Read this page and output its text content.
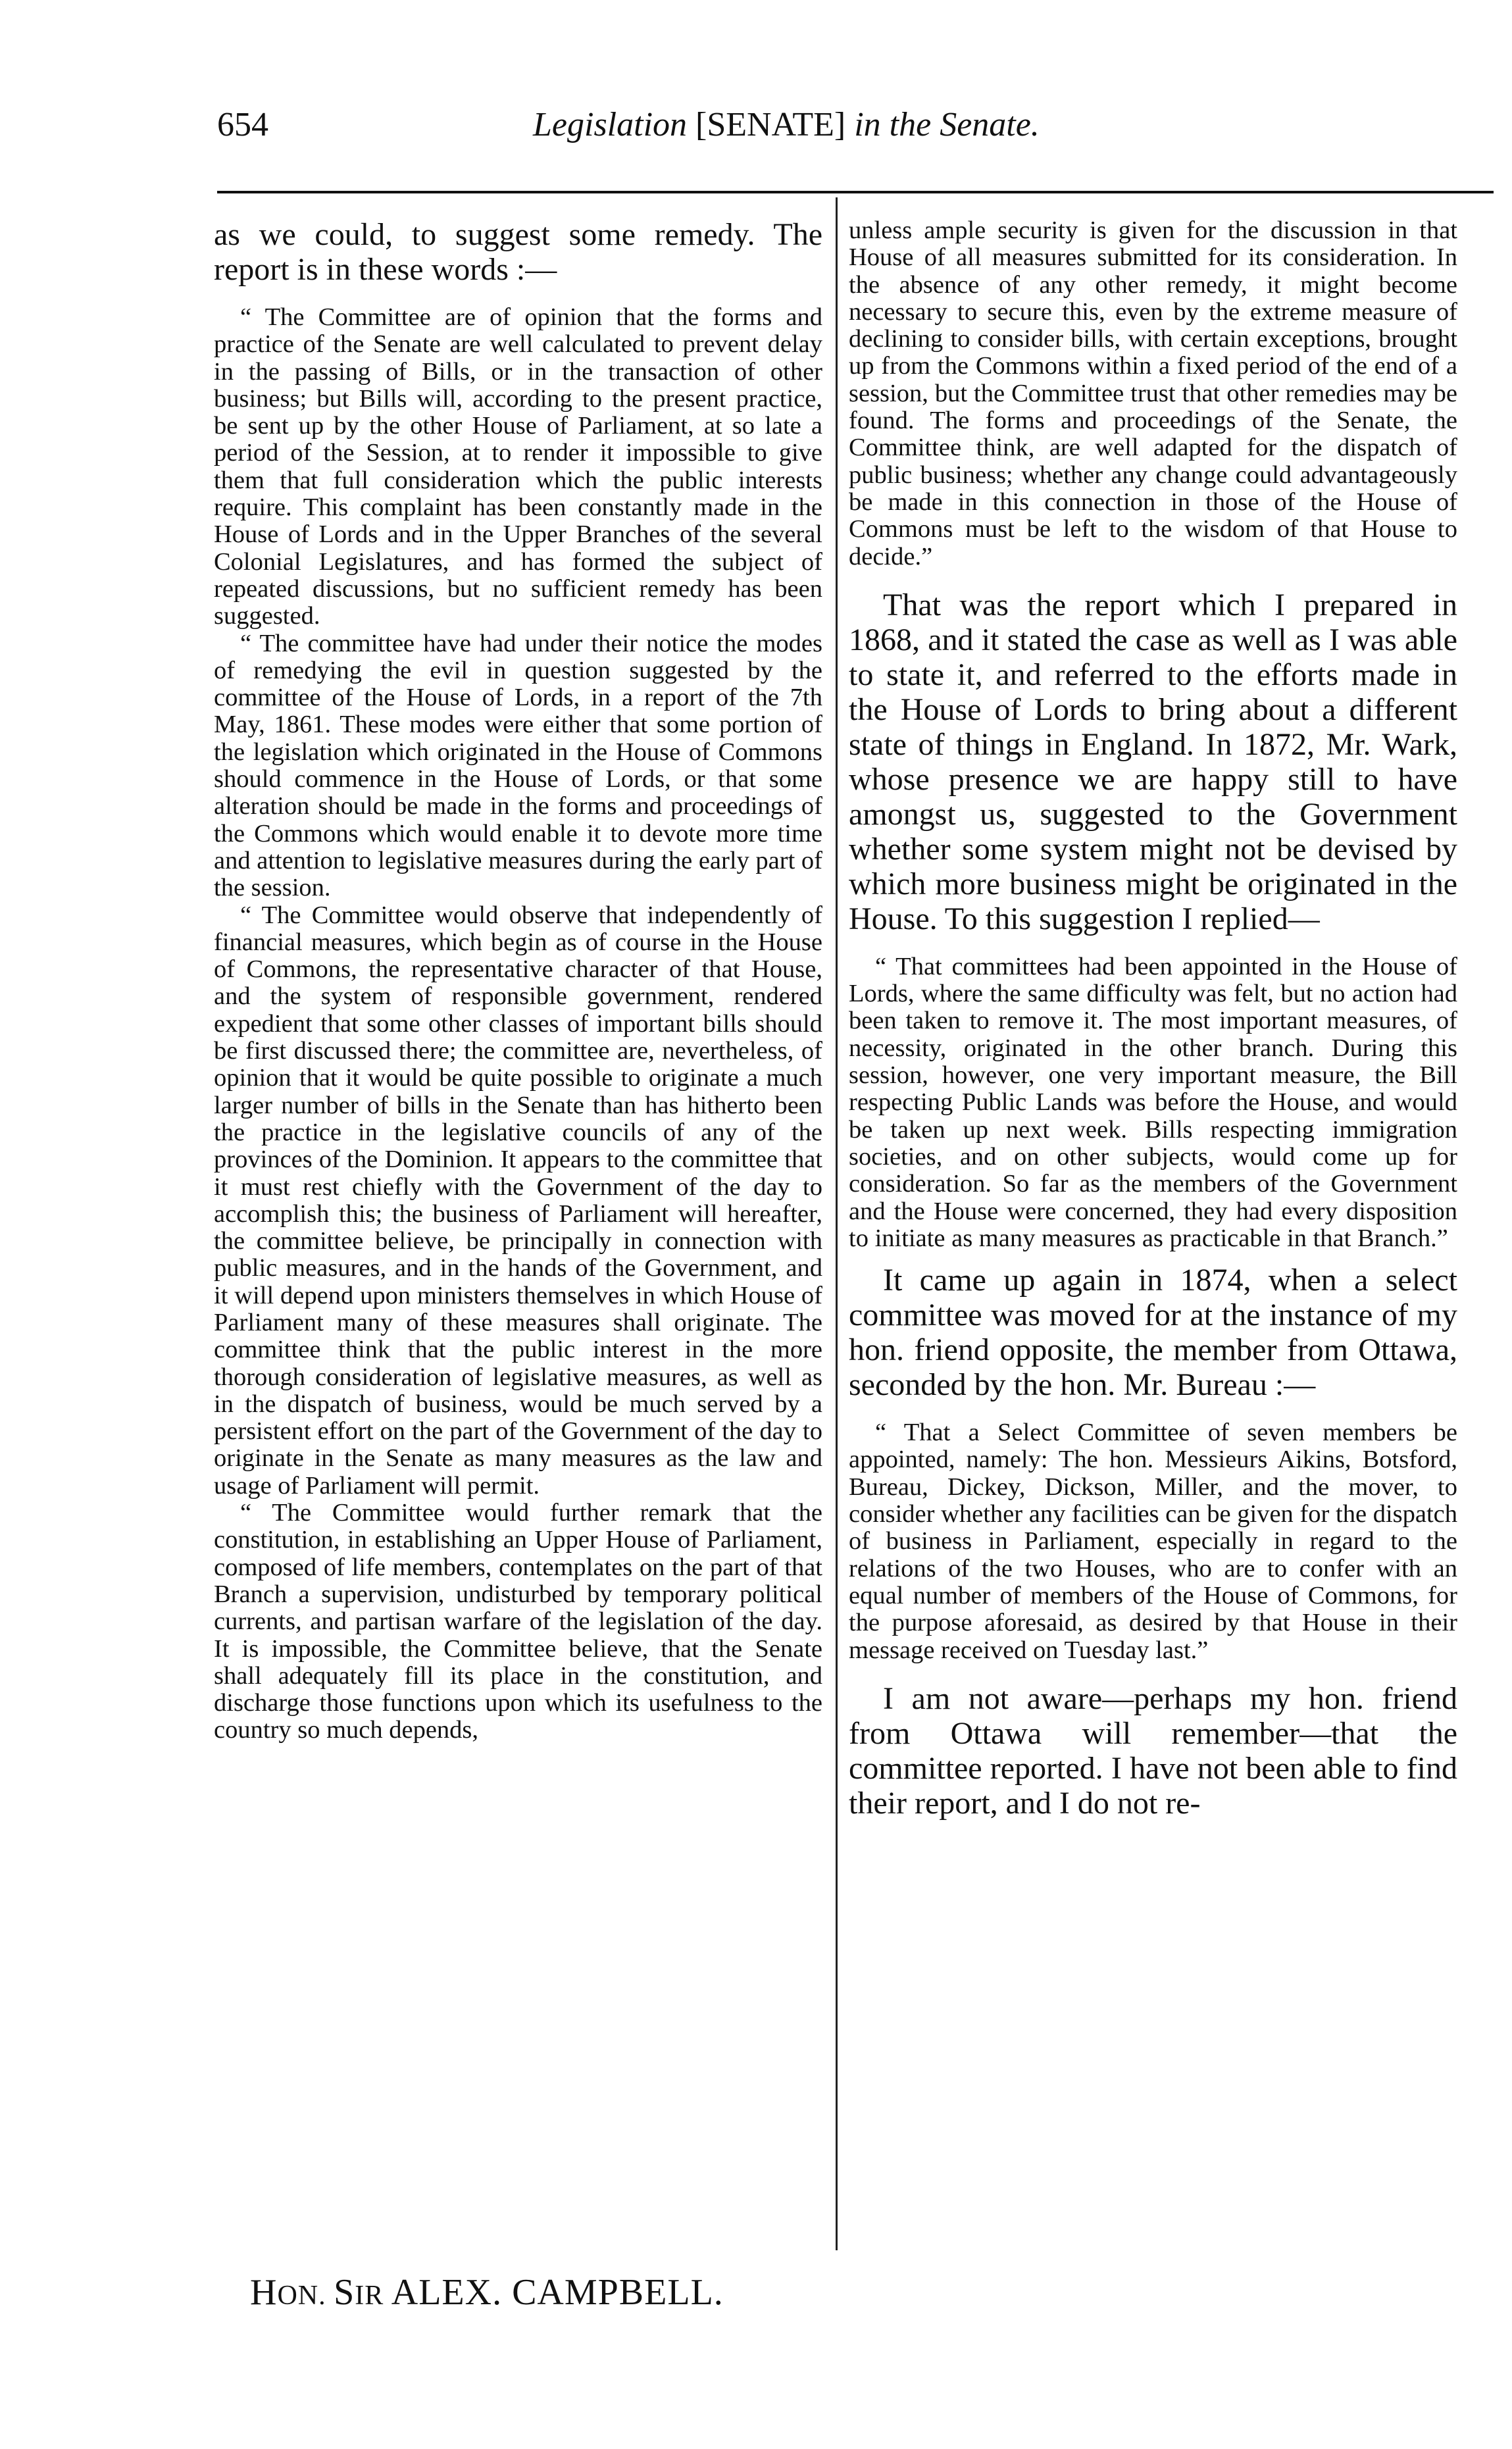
654	Legislation [SENATE] in the Senate.

as we could, to suggest some remedy. The report is in these words :—

“ The Committee are of opinion that the forms and practice of the Senate are well calculated to prevent delay in the passing of Bills, or in the transaction of other business; but Bills will, according to the present practice, be sent up by the other House of Parliament, at so late a period of the Session, at to render it impossible to give them that full consideration which the public interests require. This complaint has been constantly made in the House of Lords and in the Upper Branches of the several Colonial Legislatures, and has formed the subject of repeated discussions, but no sufficient remedy has been suggested.

“ The committee have had under their notice the modes of remedying the evil in question suggested by the committee of the House of Lords, in a report of the 7th May, 1861. These modes were either that some portion of the legislation which originated in the House of Commons should commence in the House of Lords, or that some alteration should be made in the forms and proceedings of the Commons which would enable it to devote more time and attention to legislative measures during the early part of the session.

“ The Committee would observe that independently of financial measures, which begin as of course in the House of Commons, the representative character of that House, and the system of responsible government, rendered expedient that some other classes of important bills should be first discussed there; the committee are, nevertheless, of opinion that it would be quite possible to originate a much larger number of bills in the Senate than has hitherto been the practice in the legislative councils of any of the provinces of the Dominion. It appears to the committee that it must rest chiefly with the Government of the day to accomplish this; the business of Parliament will hereafter, the committee believe, be principally in connection with public measures, and in the hands of the Government, and it will depend upon ministers themselves in which House of Parliament many of these measures shall originate. The committee think that the public interest in the more thorough consideration of legislative measures, as well as in the dispatch of business, would be much served by a persistent effort on the part of the Government of the day to originate in the Senate as many measures as the law and usage of Parliament will permit.

“ The Committee would further remark that the constitution, in establishing an Upper House of Parliament, composed of life members, contemplates on the part of that Branch a supervision, undisturbed by temporary political currents, and partisan warfare of the legislation of the day. It is impossible, the Committee believe, that the Senate shall adequately fill its place in the constitution, and discharge those functions upon which its usefulness to the country so much depends,

unless ample security is given for the discussion in that House of all measures submitted for its consideration. In the absence of any other remedy, it might become necessary to secure this, even by the extreme measure of declining to consider bills, with certain exceptions, brought up from the Commons within a fixed period of the end of a session, but the Committee trust that other remedies may be found. The forms and proceedings of the Senate, the Committee think, are well adapted for the dispatch of public business; whether any change could advantageously be made in this connection in those of the House of Commons must be left to the wisdom of that House to decide.”

That was the report which I prepared in 1868, and it stated the case as well as I was able to state it, and referred to the efforts made in the House of Lords to bring about a different state of things in England. In 1872, Mr. Wark, whose presence we are happy still to have amongst us, suggested to the Government whether some system might not be devised by which more business might be originated in the House. To this suggestion I replied—

“ That committees had been appointed in the House of Lords, where the same difficulty was felt, but no action had been taken to remove it. The most important measures, of necessity, originated in the other branch. During this session, however, one very important measure, the Bill respecting Public Lands was before the House, and would be taken up next week. Bills respecting immigration societies, and on other subjects, would come up for consideration. So far as the members of the Government and the House were concerned, they had every disposition to initiate as many measures as practicable in that Branch.”

It came up again in 1874, when a select committee was moved for at the instance of my hon. friend opposite, the member from Ottawa, seconded by the hon. Mr. Bureau :—

“ That a Select Committee of seven members be appointed, namely: The hon. Messieurs Aikins, Botsford, Bureau, Dickey, Dickson, Miller, and the mover, to consider whether any facilities can be given for the dispatch of business in Parliament, especially in regard to the relations of the two Houses, who are to confer with an equal number of members of the House of Commons, for the purpose aforesaid, as desired by that House in their message received on Tuesday last.”

I am not aware—perhaps my hon. friend from Ottawa will remember—that the committee reported. I have not been able to find their report, and I do not re-

HON. SIR ALEX. CAMPBELL.
